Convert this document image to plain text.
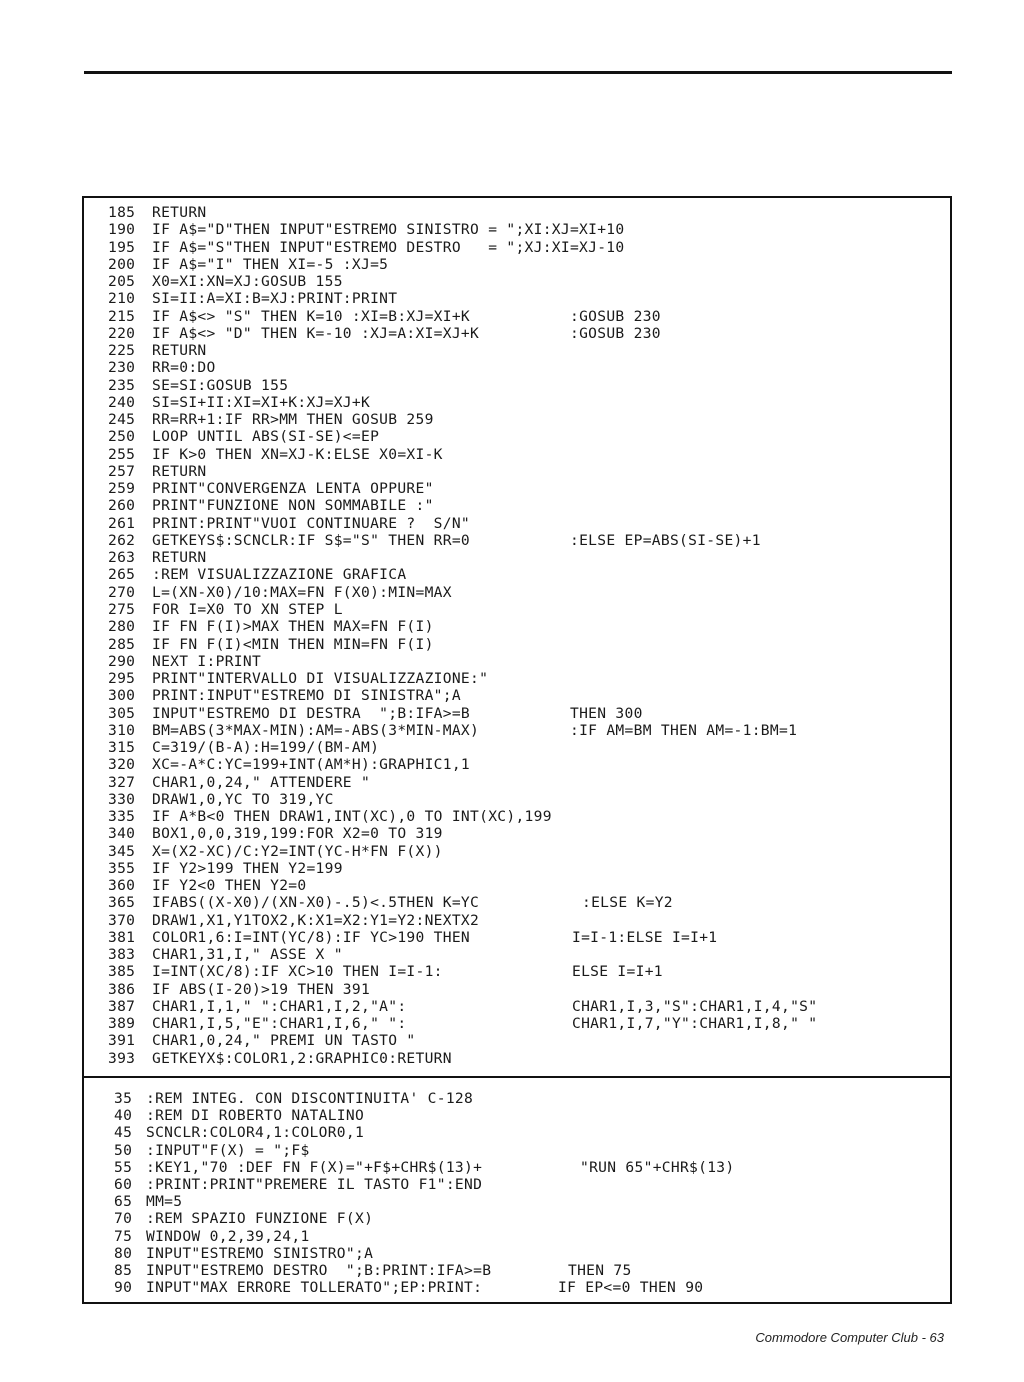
185 RETURN
190 IF A$="D"THEN INPUT"ESTREMO SINISTRO = ";XI:XJ=XI+10
195 IF A$="S"THEN INPUT"ESTREMO DESTRO   = ";XJ:XI=XJ-10
200 IF A$="I" THEN XI=-5 :XJ=5
205 X0=XI:XN=XJ:GOSUB 155
210 SI=II:A=XI:B=XJ:PRINT:PRINT
215 IF A$<> "S" THEN K=10 :XI=B:XJ=XI+K	:GOSUB 230
220 IF A$<> "D" THEN K=-10 :XJ=A:XI=XJ+K	:GOSUB 230
225 RETURN
230 RR=0:DO
235 SE=SI:GOSUB 155
240 SI=SI+II:XI=XI+K:XJ=XJ+K
245 RR=RR+1:IF RR>MM THEN GOSUB 259
250 LOOP UNTIL ABS(SI-SE)<=EP
255 IF K>0 THEN XN=XJ-K:ELSE X0=XI-K
257 RETURN
259 PRINT"CONVERGENZA LENTA OPPURE"
260 PRINT"FUNZIONE NON SOMMABILE :"
261 PRINT:PRINT"VUOI CONTINUARE ?  S/N"
262 GETKEYS$:SCNCLR:IF S$="S" THEN RR=0	:ELSE EP=ABS(SI-SE)+1
263 RETURN
265 :REM VISUALIZZAZIONE GRAFICA
270 L=(XN-X0)/10:MAX=FN F(X0):MIN=MAX
275 FOR I=X0 TO XN STEP L
280 IF FN F(I)>MAX THEN MAX=FN F(I)
285 IF FN F(I)<MIN THEN MIN=FN F(I)
290 NEXT I:PRINT
295 PRINT"INTERVALLO DI VISUALIZZAZIONE:"
300 PRINT:INPUT"ESTREMO DI SINISTRA";A
305 INPUT"ESTREMO DI DESTRA  ";B:IFA>=B	THEN 300
310 BM=ABS(3*MAX-MIN):AM=-ABS(3*MIN-MAX)	:IF AM=BM THEN AM=-1:BM=1
315 C=319/(B-A):H=199/(BM-AM)
320 XC=-A*C:YC=199+INT(AM*H):GRAPHIC1,1
327 CHAR1,0,24," ATTENDERE "
330 DRAW1,0,YC TO 319,YC
335 IF A*B<0 THEN DRAW1,INT(XC),0 TO INT(XC),199
340 BOX1,0,0,319,199:FOR X2=0 TO 319
345 X=(X2-XC)/C:Y2=INT(YC-H*FN F(X))
355 IF Y2>199 THEN Y2=199
360 IF Y2<0 THEN Y2=0
365 IFABS((X-X0)/(XN-X0)-.5)<.5THEN K=YC	:ELSE K=Y2
370 DRAW1,X1,Y1TOX2,K:X1=X2:Y1=Y2:NEXTX2
381 COLOR1,6:I=INT(YC/8):IF YC>190 THEN	I=I-1:ELSE I=I+1
383 CHAR1,31,I," ASSE X "
385 I=INT(XC/8):IF XC>10 THEN I=I-1:	ELSE I=I+1
386 IF ABS(I-20)>19 THEN 391
387 CHAR1,I,1," ":CHAR1,I,2,"A":	CHAR1,I,3,"S":CHAR1,I,4,"S"
389 CHAR1,I,5,"E":CHAR1,I,6," ":	CHAR1,I,7,"Y":CHAR1,I,8," "
391 CHAR1,0,24," PREMI UN TASTO "
393 GETKEYX$:COLOR1,2:GRAPHIC0:RETURN
35 :REM INTEG. CON DISCONTINUITA' C-128
40 :REM DI ROBERTO NATALINO
45 SCNCLR:COLOR4,1:COLOR0,1
50 :INPUT"F(X) = ";F$
55 :KEY1,"70 :DEF FN F(X)="+F$+CHR$(13)+	"RUN 65"+CHR$(13)
60 :PRINT:PRINT"PREMERE IL TASTO F1":END
65 MM=5
70 :REM SPAZIO FUNZIONE F(X)
75 WINDOW 0,2,39,24,1
80 INPUT"ESTREMO SINISTRO";A
85 INPUT"ESTREMO DESTRO  ";B:PRINT:IFA>=B	THEN 75
90 INPUT"MAX ERRORE TOLLERATO";EP:PRINT:	IF EP<=0 THEN 90
Commodore Computer Club - 63
